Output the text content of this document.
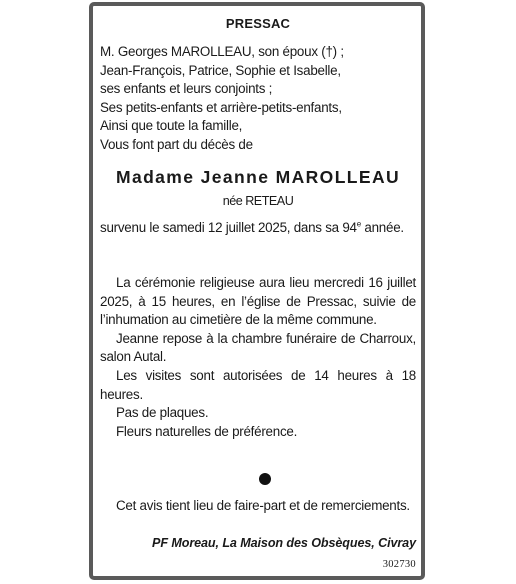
PRESSAC
M. Georges MAROLLEAU, son époux (†) ;
Jean-François, Patrice, Sophie et Isabelle,
ses enfants et leurs conjoints ;
Ses petits-enfants et arrière-petits-enfants,
Ainsi que toute la famille,
Vous font part du décès de
Madame Jeanne MAROLLEAU
née RETEAU
survenu le samedi 12 juillet 2025, dans sa 94e année.

La cérémonie religieuse aura lieu mercredi 16 juillet 2025, à 15 heures, en l’église de Pressac, suivie de l’inhumation au cimetière de la même commune.

Jeanne repose à la chambre funéraire de Charroux, salon Autal.

Les visites sont autorisées de 14 heures à 18 heures.

Pas de plaques.

Fleurs naturelles de préférence.

Cet avis tient lieu de faire-part et de remerciements.

PF Moreau, La Maison des Obsèques, Civray
302730
